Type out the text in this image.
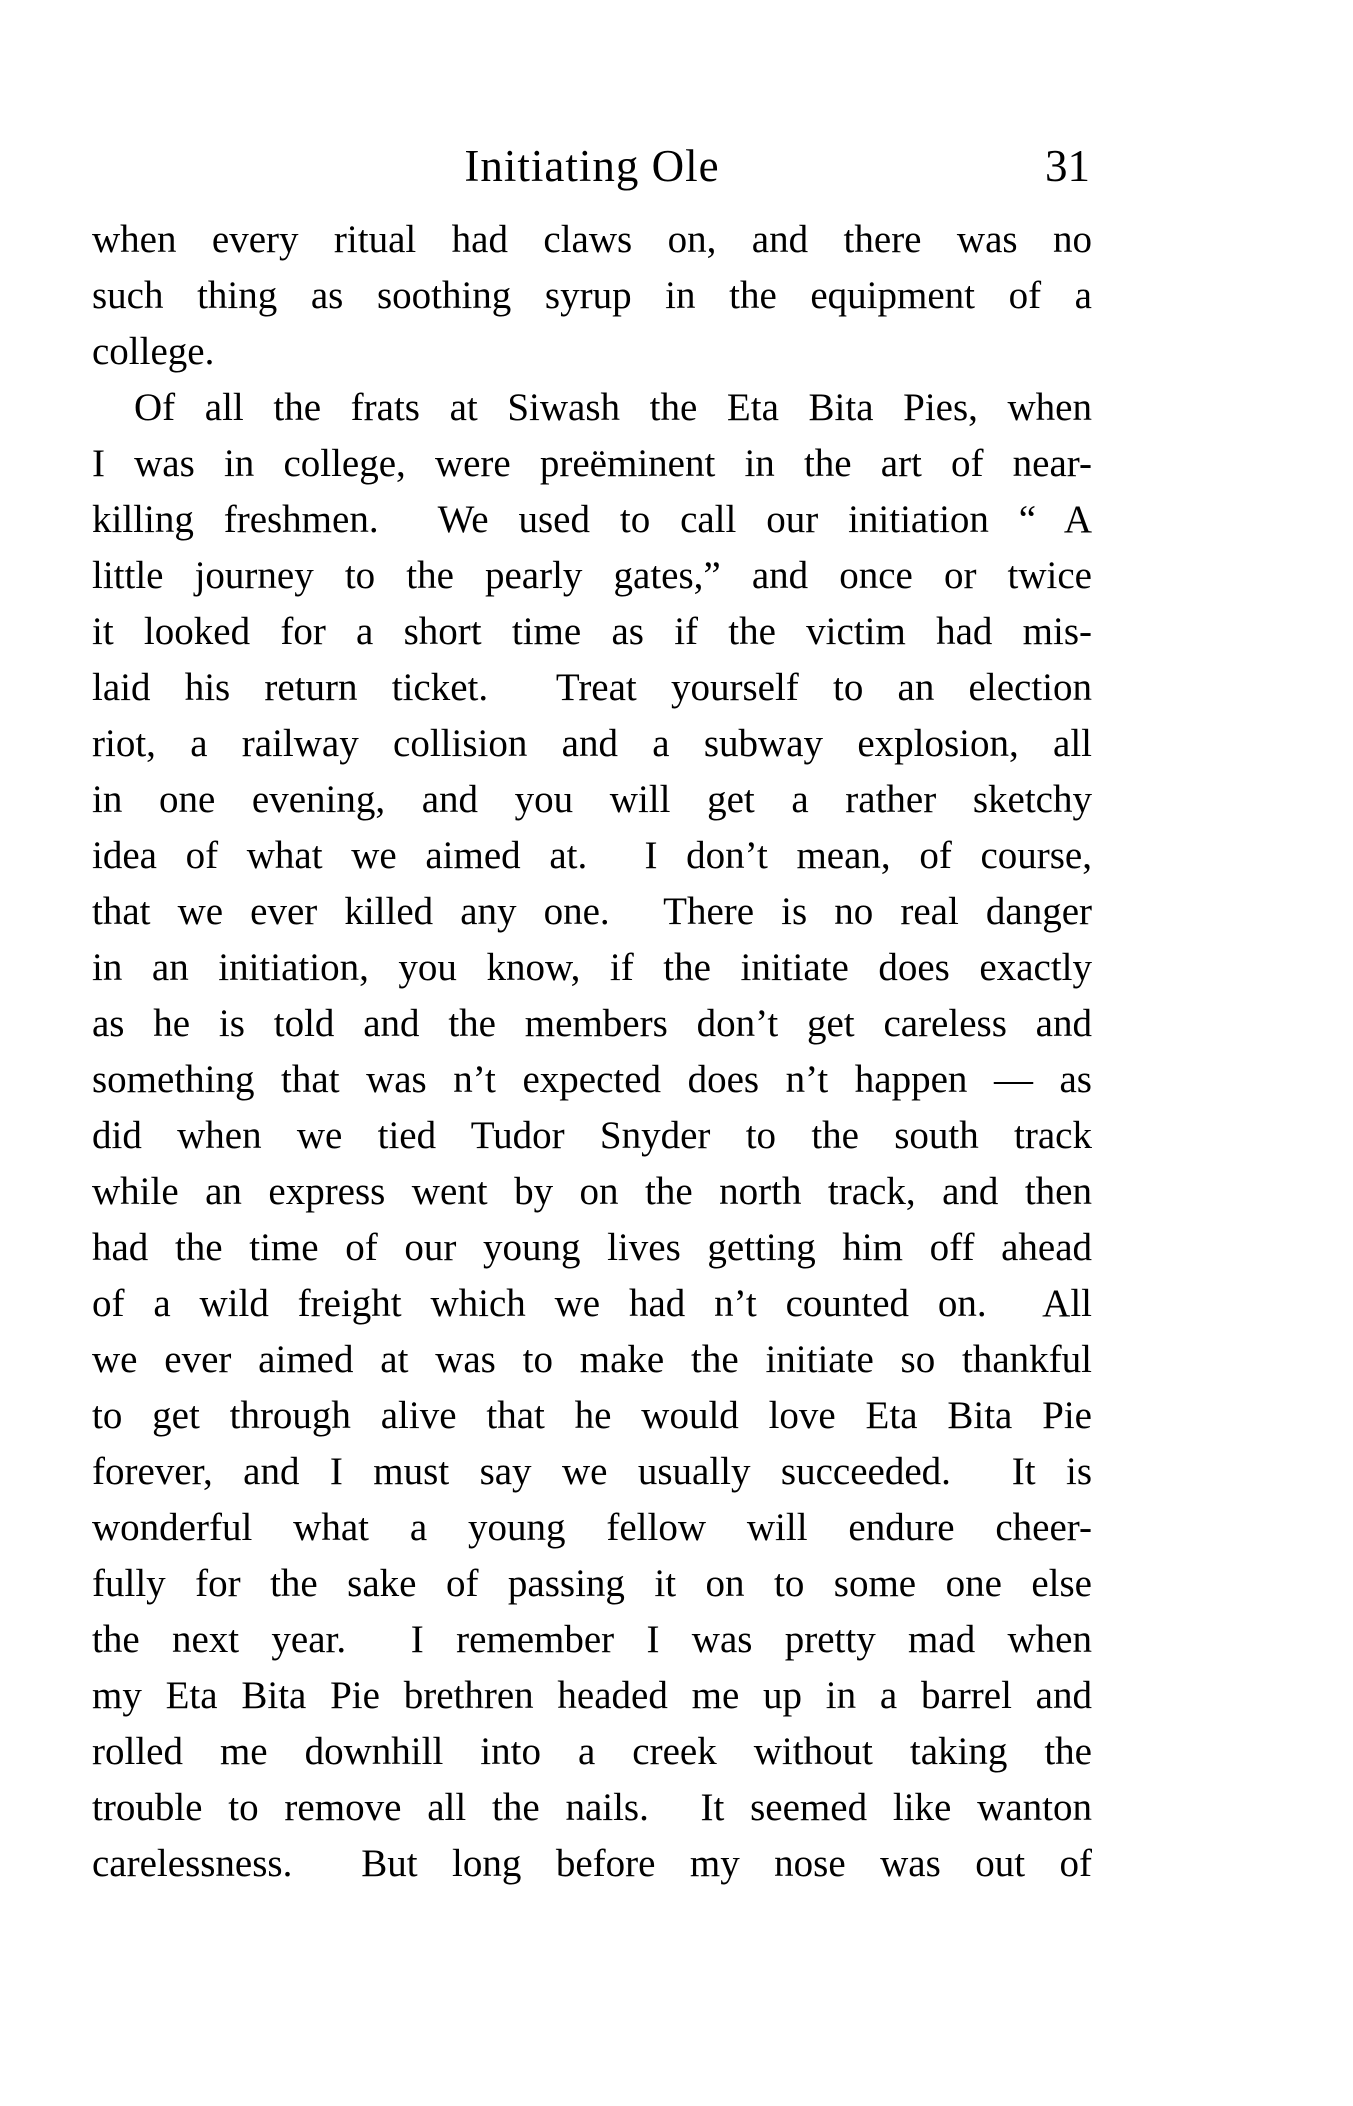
Initiating Ole	31
when every ritual had claws on, and there was no
such thing as soothing syrup in the equipment of a
college.
Of all the frats at Siwash the Eta Bita Pies, when
I was in college, were preëminent in the art of near-
killing freshmen.  We used to call our initiation “ A
little journey to the pearly gates,” and once or twice
it looked for a short time as if the victim had mis-
laid his return ticket.  Treat yourself to an election
riot, a railway collision and a subway explosion, all
in one evening, and you will get a rather sketchy
idea of what we aimed at.  I don’t mean, of course,
that we ever killed any one.  There is no real danger
in an initiation, you know, if the initiate does exactly
as he is told and the members don’t get careless and
something that was n’t expected does n’t happen — as
did when we tied Tudor Snyder to the south track
while an express went by on the north track, and then
had the time of our young lives getting him off ahead
of a wild freight which we had n’t counted on.  All
we ever aimed at was to make the initiate so thankful
to get through alive that he would love Eta Bita Pie
forever, and I must say we usually succeeded.  It is
wonderful what a young fellow will endure cheer-
fully for the sake of passing it on to some one else
the next year.  I remember I was pretty mad when
my Eta Bita Pie brethren headed me up in a barrel and
rolled me downhill into a creek without taking the
trouble to remove all the nails.  It seemed like wanton
carelessness.  But long before my nose was out of
